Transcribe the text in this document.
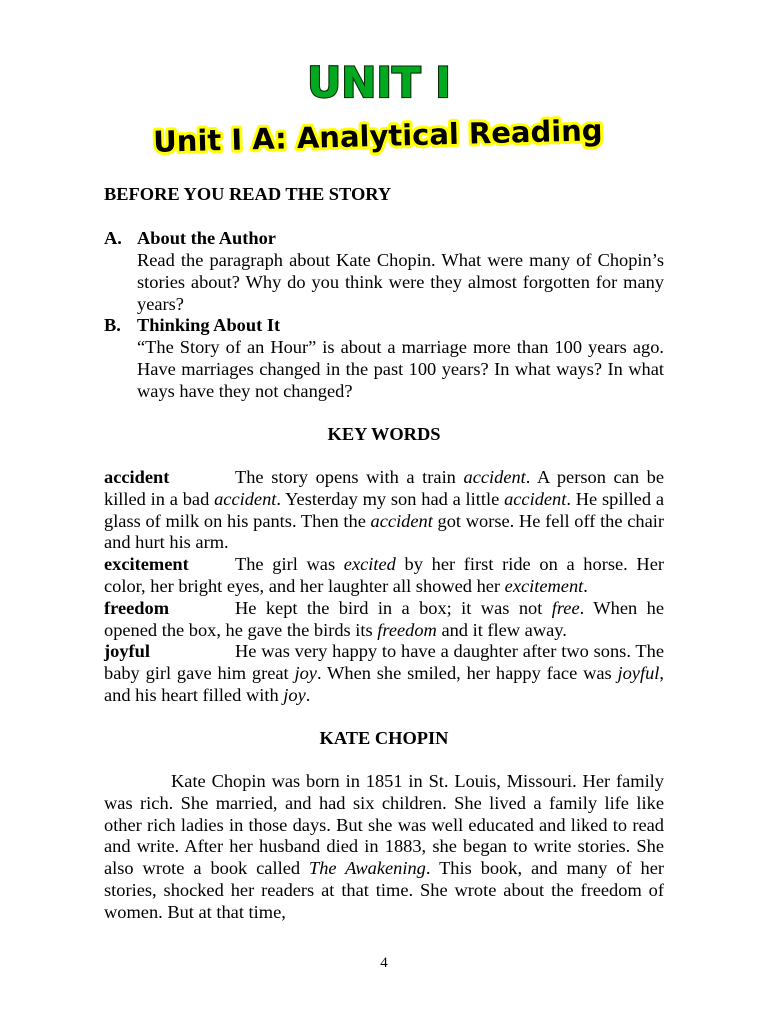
UNIT I
Unit I A: Analytical Reading
BEFORE YOU READ THE STORY
A. About the Author
Read the paragraph about Kate Chopin. What were many of Chopin’s stories about? Why do you think were they almost forgotten for many years?
B. Thinking About It
“The Story of an Hour” is about a marriage more than 100 years ago. Have marriages changed in the past 100 years? In what ways? In what ways have they not changed?
KEY WORDS
accident	The story opens with a train accident. A person can be killed in a bad accident. Yesterday my son had a little accident. He spilled a glass of milk on his pants. Then the accident got worse. He fell off the chair and hurt his arm.
excitement	The girl was excited by her first ride on a horse. Her color, her bright eyes, and her laughter all showed her excitement.
freedom	He kept the bird in a box; it was not free. When he opened the box, he gave the birds its freedom and it flew away.
joyful	He was very happy to have a daughter after two sons. The baby girl gave him great joy. When she smiled, her happy face was joyful, and his heart filled with joy.
KATE CHOPIN
Kate Chopin was born in 1851 in St. Louis, Missouri. Her family was rich. She married, and had six children. She lived a family life like other rich ladies in those days. But she was well educated and liked to read and write. After her husband died in 1883, she began to write stories. She also wrote a book called The Awakening. This book, and many of her stories, shocked her readers at that time. She wrote about the freedom of women. But at that time,
4
